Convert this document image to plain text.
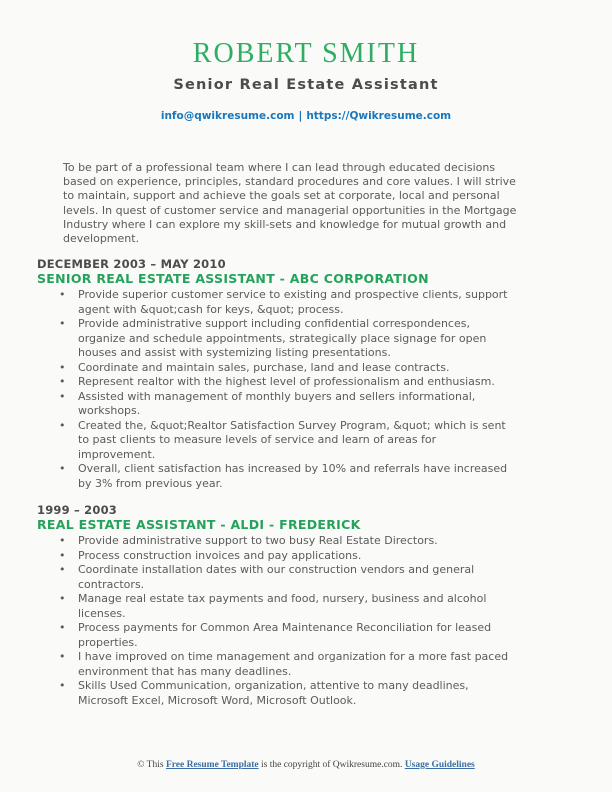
ROBERT SMITH
Senior Real Estate Assistant
info@qwikresume.com | https://Qwikresume.com
To be part of a professional team where I can lead through educated decisions based on experience, principles, standard procedures and core values. I will strive to maintain, support and achieve the goals set at corporate, local and personal levels. In quest of customer service and managerial opportunities in the Mortgage Industry where I can explore my skill-sets and knowledge for mutual growth and development.
DECEMBER 2003 – MAY 2010
SENIOR REAL ESTATE ASSISTANT - ABC CORPORATION
• Provide superior customer service to existing and prospective clients, support agent with &quot;cash for keys, &quot; process.
• Provide administrative support including confidential correspondences, organize and schedule appointments, strategically place signage for open houses and assist with systemizing listing presentations.
• Coordinate and maintain sales, purchase, land and lease contracts.
• Represent realtor with the highest level of professionalism and enthusiasm.
• Assisted with management of monthly buyers and sellers informational, workshops.
• Created the, &quot;Realtor Satisfaction Survey Program, &quot; which is sent to past clients to measure levels of service and learn of areas for improvement.
• Overall, client satisfaction has increased by 10% and referrals have increased by 3% from previous year.
1999 – 2003
REAL ESTATE ASSISTANT - ALDI - FREDERICK
• Provide administrative support to two busy Real Estate Directors.
• Process construction invoices and pay applications.
• Coordinate installation dates with our construction vendors and general contractors.
• Manage real estate tax payments and food, nursery, business and alcohol licenses.
• Process payments for Common Area Maintenance Reconciliation for leased properties.
• I have improved on time management and organization for a more fast paced environment that has many deadlines.
• Skills Used Communication, organization, attentive to many deadlines, Microsoft Excel, Microsoft Word, Microsoft Outlook.
© This Free Resume Template is the copyright of Qwikresume.com. Usage Guidelines
